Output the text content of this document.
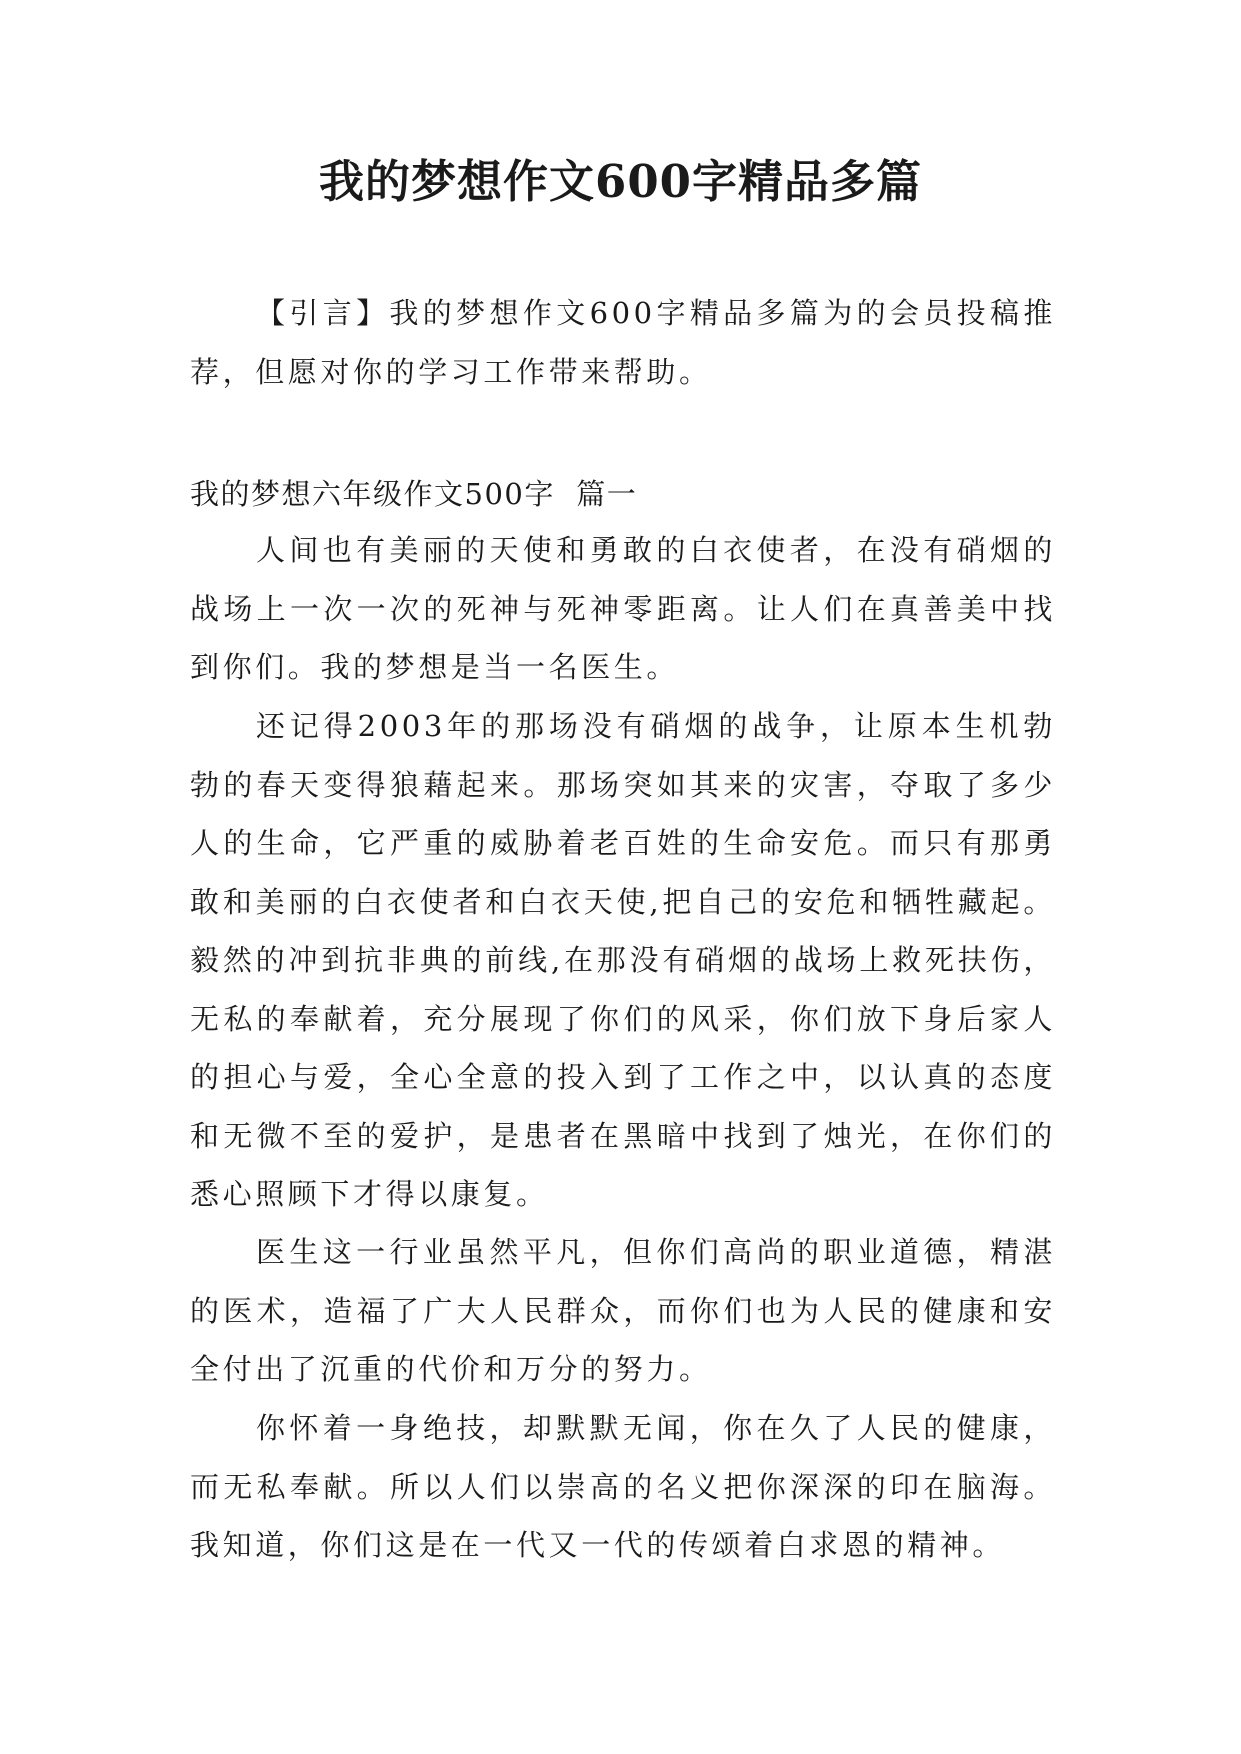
我的梦想作文600字精品多篇

【引言】我的梦想作文600字精品多篇为的会员投稿推荐，但愿对你的学习工作带来帮助。

我的梦想六年级作文500字  篇一

人间也有美丽的天使和勇敢的白衣使者，在没有硝烟的战场上一次一次的死神与死神零距离。让人们在真善美中找到你们。我的梦想是当一名医生。

还记得2003年的那场没有硝烟的战争，让原本生机勃勃的春天变得狼藉起来。那场突如其来的灾害，夺取了多少人的生命，它严重的威胁着老百姓的生命安危。而只有那勇敢和美丽的白衣使者和白衣天使,把自己的安危和牺牲藏起。毅然的冲到抗非典的前线,在那没有硝烟的战场上救死扶伤，无私的奉献着，充分展现了你们的风采，你们放下身后家人的担心与爱，全心全意的投入到了工作之中，以认真的态度和无微不至的爱护，是患者在黑暗中找到了烛光，在你们的悉心照顾下才得以康复。

医生这一行业虽然平凡，但你们高尚的职业道德，精湛的医术，造福了广大人民群众，而你们也为人民的健康和安全付出了沉重的代价和万分的努力。

你怀着一身绝技，却默默无闻，你在久了人民的健康，而无私奉献。所以人们以崇高的名义把你深深的印在脑海。我知道，你们这是在一代又一代的传颂着白求恩的精神。
